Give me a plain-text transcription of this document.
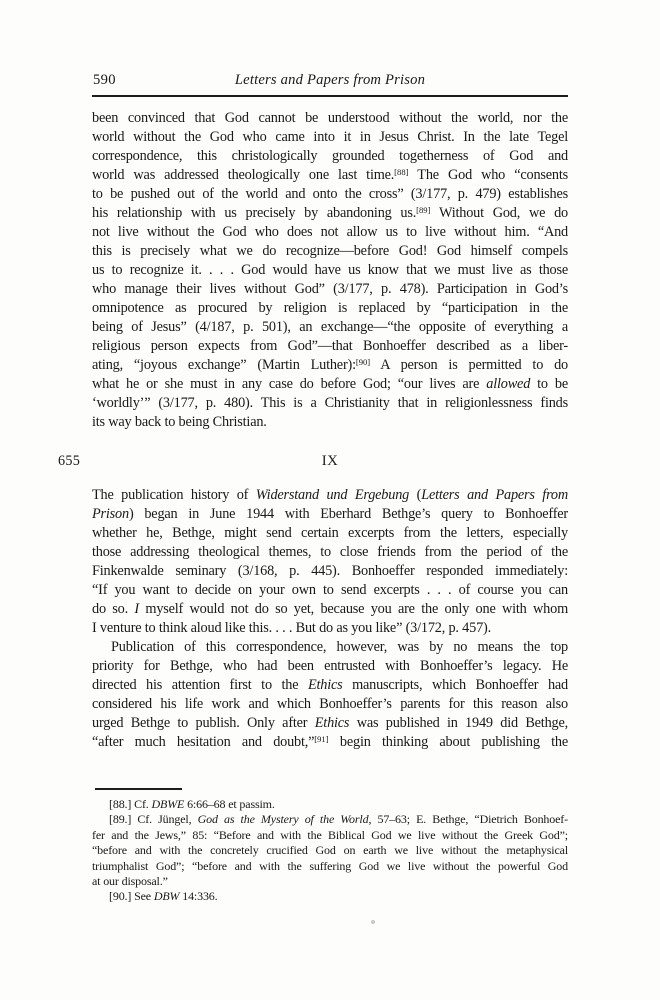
590	Letters and Papers from Prison
been convinced that God cannot be understood without the world, nor the
world without the God who came into it in Jesus Christ. In the late Tegel
correspondence, this christologically grounded togetherness of God and
world was addressed theologically one last time.[88] The God who “consents
to be pushed out of the world and onto the cross” (3/177, p. 479) establishes
his relationship with us precisely by abandoning us.[89] Without God, we do
not live without the God who does not allow us to live without him. “And
this is precisely what we do recognize—before God! God himself compels
us to recognize it. . . . God would have us know that we must live as those
who manage their lives without God” (3/177, p. 478). Participation in God’s
omnipotence as procured by religion is replaced by “participation in the
being of Jesus” (4/187, p. 501), an exchange—“the opposite of everything a
religious person expects from God”—that Bonhoeffer described as a liber-
ating, “joyous exchange” (Martin Luther):[90] A person is permitted to do
what he or she must in any case do before God; “our lives are allowed to be
‘worldly’” (3/177, p. 480). This is a Christianity that in religionlessness finds
its way back to being Christian.
655	IX
The publication history of Widerstand und Ergebung (Letters and Papers from
Prison) began in June 1944 with Eberhard Bethge’s query to Bonhoeffer
whether he, Bethge, might send certain excerpts from the letters, especially
those addressing theological themes, to close friends from the period of the
Finkenwalde seminary (3/168, p. 445). Bonhoeffer responded immediately:
“If you want to decide on your own to send excerpts . . . of course you can
do so. I myself would not do so yet, because you are the only one with whom
I venture to think aloud like this. . . . But do as you like” (3/172, p. 457).
Publication of this correspondence, however, was by no means the top
priority for Bethge, who had been entrusted with Bonhoeffer’s legacy. He
directed his attention first to the Ethics manuscripts, which Bonhoeffer had
considered his life work and which Bonhoeffer’s parents for this reason also
urged Bethge to publish. Only after Ethics was published in 1949 did Bethge,
“after much hesitation and doubt,”[91] begin thinking about publishing the
[88.] Cf. DBWE 6:66–68 et passim.
[89.] Cf. Jüngel, God as the Mystery of the World, 57–63; E. Bethge, “Dietrich Bonhoef-
fer and the Jews,” 85: “Before and with the Biblical God we live without the Greek God”;
“before and with the concretely crucified God on earth we live without the metaphysical
triumphalist God”; “before and with the suffering God we live without the powerful God
at our disposal.”
[90.] See DBW 14:336.
